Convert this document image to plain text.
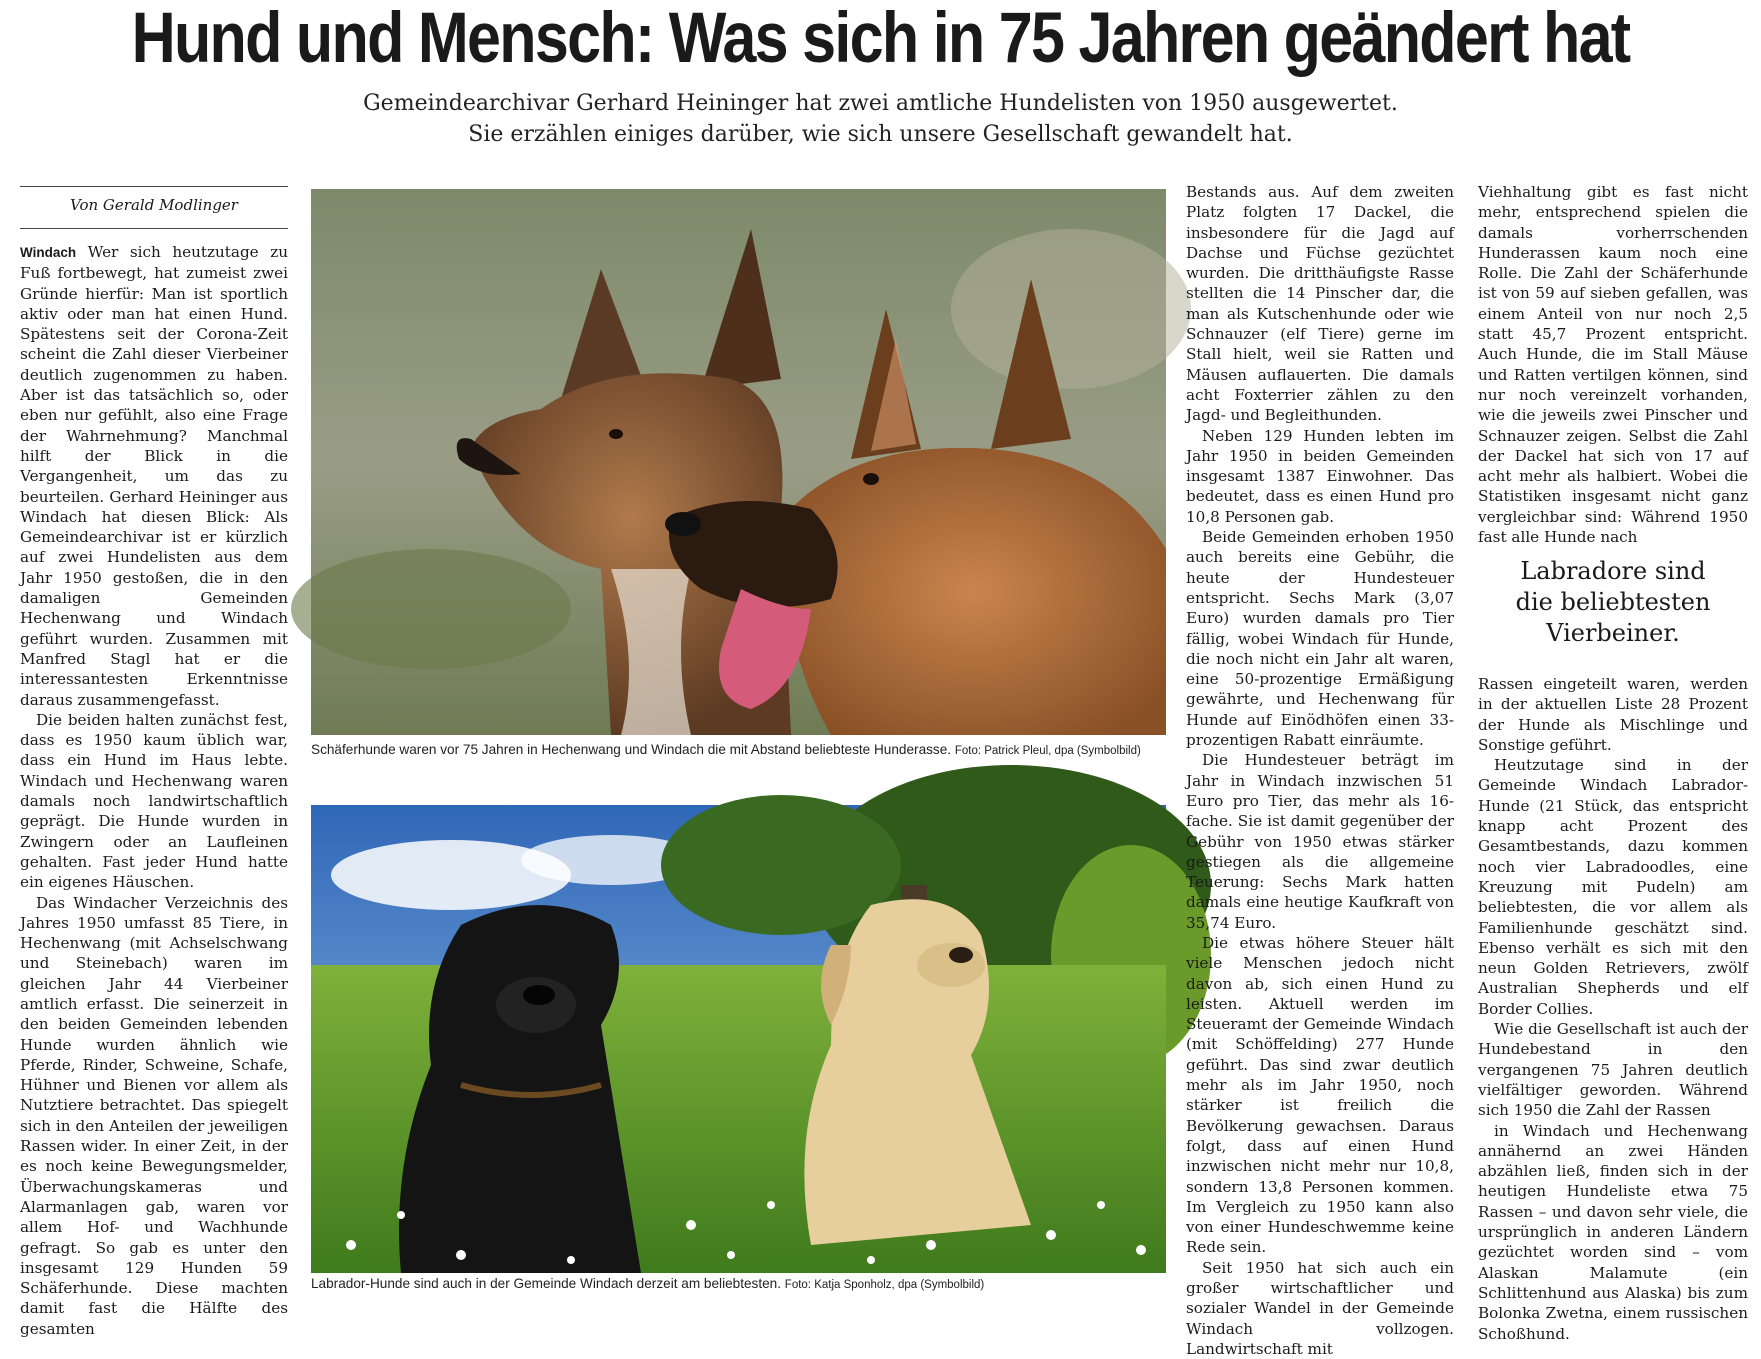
Hund und Mensch: Was sich in 75 Jahren geändert hat
Gemeindearchivar Gerhard Heininger hat zwei amtliche Hundelisten von 1950 ausgewertet.
Sie erzählen einiges darüber, wie sich unsere Gesellschaft gewandelt hat.
Von Gerald Modlinger

Windach Wer sich heutzutage zu Fuß fortbewegt, hat zumeist zwei Gründe hierfür: Man ist sportlich aktiv oder man hat einen Hund. Spätestens seit der Corona-Zeit scheint die Zahl dieser Vierbeiner deutlich zugenommen zu haben. Aber ist das tatsächlich so, oder eben nur gefühlt, also eine Frage der Wahrnehmung? Manchmal hilft der Blick in die Vergangenheit, um das zu beurteilen. Gerhard Heininger aus Windach hat diesen Blick: Als Gemeindearchivar ist er kürzlich auf zwei Hundelisten aus dem Jahr 1950 gestoßen, die in den damaligen Gemeinden Hechenwang und Windach geführt wurden. Zusammen mit Manfred Stagl hat er die interessantesten Erkenntnisse daraus zusammengefasst.

Die beiden halten zunächst fest, dass es 1950 kaum üblich war, dass ein Hund im Haus lebte. Windach und Hechenwang waren damals noch landwirtschaftlich geprägt. Die Hunde wurden in Zwingern oder an Laufleinen gehalten. Fast jeder Hund hatte ein eigenes Häuschen.

Das Windacher Verzeichnis des Jahres 1950 umfasst 85 Tiere, in Hechenwang (mit Achselschwang und Steinebach) waren im gleichen Jahr 44 Vierbeiner amtlich erfasst. Die seinerzeit in den beiden Gemeinden lebenden Hunde wurden ähnlich wie Pferde, Rinder, Schweine, Schafe, Hühner und Bienen vor allem als Nutztiere betrachtet. Das spiegelt sich in den Anteilen der jeweiligen Rassen wider. In einer Zeit, in der es noch keine Bewegungsmelder, Überwachungskameras und Alarmanlagen gab, waren vor allem Hof- und Wachhunde gefragt. So gab es unter den insgesamt 129 Hunden 59 Schäferhunde. Diese machten damit fast die Hälfte des gesamten

Schäferhunde waren vor 75 Jahren in Hechenwang und Windach die mit Abstand beliebteste Hunderasse. Foto: Patrick Pleul, dpa (Symbolbild)
Labrador-Hunde sind auch in der Gemeinde Windach derzeit am beliebtesten. Foto: Katja Sponholz, dpa (Symbolbild)

Bestands aus. Auf dem zweiten Platz folgten 17 Dackel, die insbesondere für die Jagd auf Dachse und Füchse gezüchtet wurden. Die dritthäufigste Rasse stellten die 14 Pinscher dar, die man als Kutschenhunde oder wie Schnauzer (elf Tiere) gerne im Stall hielt, weil sie Ratten und Mäusen auflauerten. Die damals acht Foxterrier zählen zu den Jagd- und Begleithunden.

Neben 129 Hunden lebten im Jahr 1950 in beiden Gemeinden insgesamt 1387 Einwohner. Das bedeutet, dass es einen Hund pro 10,8 Personen gab.

Beide Gemeinden erhoben 1950 auch bereits eine Gebühr, die heute der Hundesteuer entspricht. Sechs Mark (3,07 Euro) wurden damals pro Tier fällig, wobei Windach für Hunde, die noch nicht ein Jahr alt waren, eine 50-prozentige Ermäßigung gewährte, und Hechenwang für Hunde auf Einödhöfen einen 33-prozentigen Rabatt einräumte.

Die Hundesteuer beträgt im Jahr in Windach inzwischen 51 Euro pro Tier, das mehr als 16-fache. Sie ist damit gegenüber der Gebühr von 1950 etwas stärker gestiegen als die allgemeine Teuerung: Sechs Mark hatten damals eine heutige Kaufkraft von 35,74 Euro.

Die etwas höhere Steuer hält viele Menschen jedoch nicht davon ab, sich einen Hund zu leisten. Aktuell werden im Steueramt der Gemeinde Windach (mit Schöffelding) 277 Hunde geführt. Das sind zwar deutlich mehr als im Jahr 1950, noch stärker ist freilich die Bevölkerung gewachsen. Daraus folgt, dass auf einen Hund inzwischen nicht mehr nur 10,8, sondern 13,8 Personen kommen. Im Vergleich zu 1950 kann also von einer Hundeschwemme keine Rede sein.

Seit 1950 hat sich auch ein großer wirtschaftlicher und sozialer Wandel in der Gemeinde Windach vollzogen. Landwirtschaft mit

Viehhaltung gibt es fast nicht mehr, entsprechend spielen die damals vorherrschenden Hunderassen kaum noch eine Rolle. Die Zahl der Schäferhunde ist von 59 auf sieben gefallen, was einem Anteil von nur noch 2,5 statt 45,7 Prozent entspricht. Auch Hunde, die im Stall Mäuse und Ratten vertilgen können, sind nur noch vereinzelt vorhanden, wie die jeweils zwei Pinscher und Schnauzer zeigen. Selbst die Zahl der Dackel hat sich von 17 auf acht mehr als halbiert. Wobei die Statistiken insgesamt nicht ganz vergleichbar sind: Während 1950 fast alle Hunde nach

Labradore sind
die beliebtesten
Vierbeiner.

Rassen eingeteilt waren, werden in der aktuellen Liste 28 Prozent der Hunde als Mischlinge und Sonstige geführt.

Heutzutage sind in der Gemeinde Windach Labrador-Hunde (21 Stück, das entspricht knapp acht Prozent des Gesamtbestands, dazu kommen noch vier Labradoodles, eine Kreuzung mit Pudeln) am beliebtesten, die vor allem als Familienhunde geschätzt sind. Ebenso verhält es sich mit den neun Golden Retrievers, zwölf Australian Shepherds und elf Border Collies.

Wie die Gesellschaft ist auch der Hundebestand in den vergangenen 75 Jahren deutlich vielfältiger geworden. Während sich 1950 die Zahl der Rassen

in Windach und Hechenwang annähernd an zwei Händen abzählen ließ, finden sich in der heutigen Hundeliste etwa 75 Rassen – und davon sehr viele, die ursprünglich in anderen Ländern gezüchtet worden sind – vom Alaskan Malamute (ein Schlittenhund aus Alaska) bis zum Bolonka Zwetna, einem russischen Schoßhund.
